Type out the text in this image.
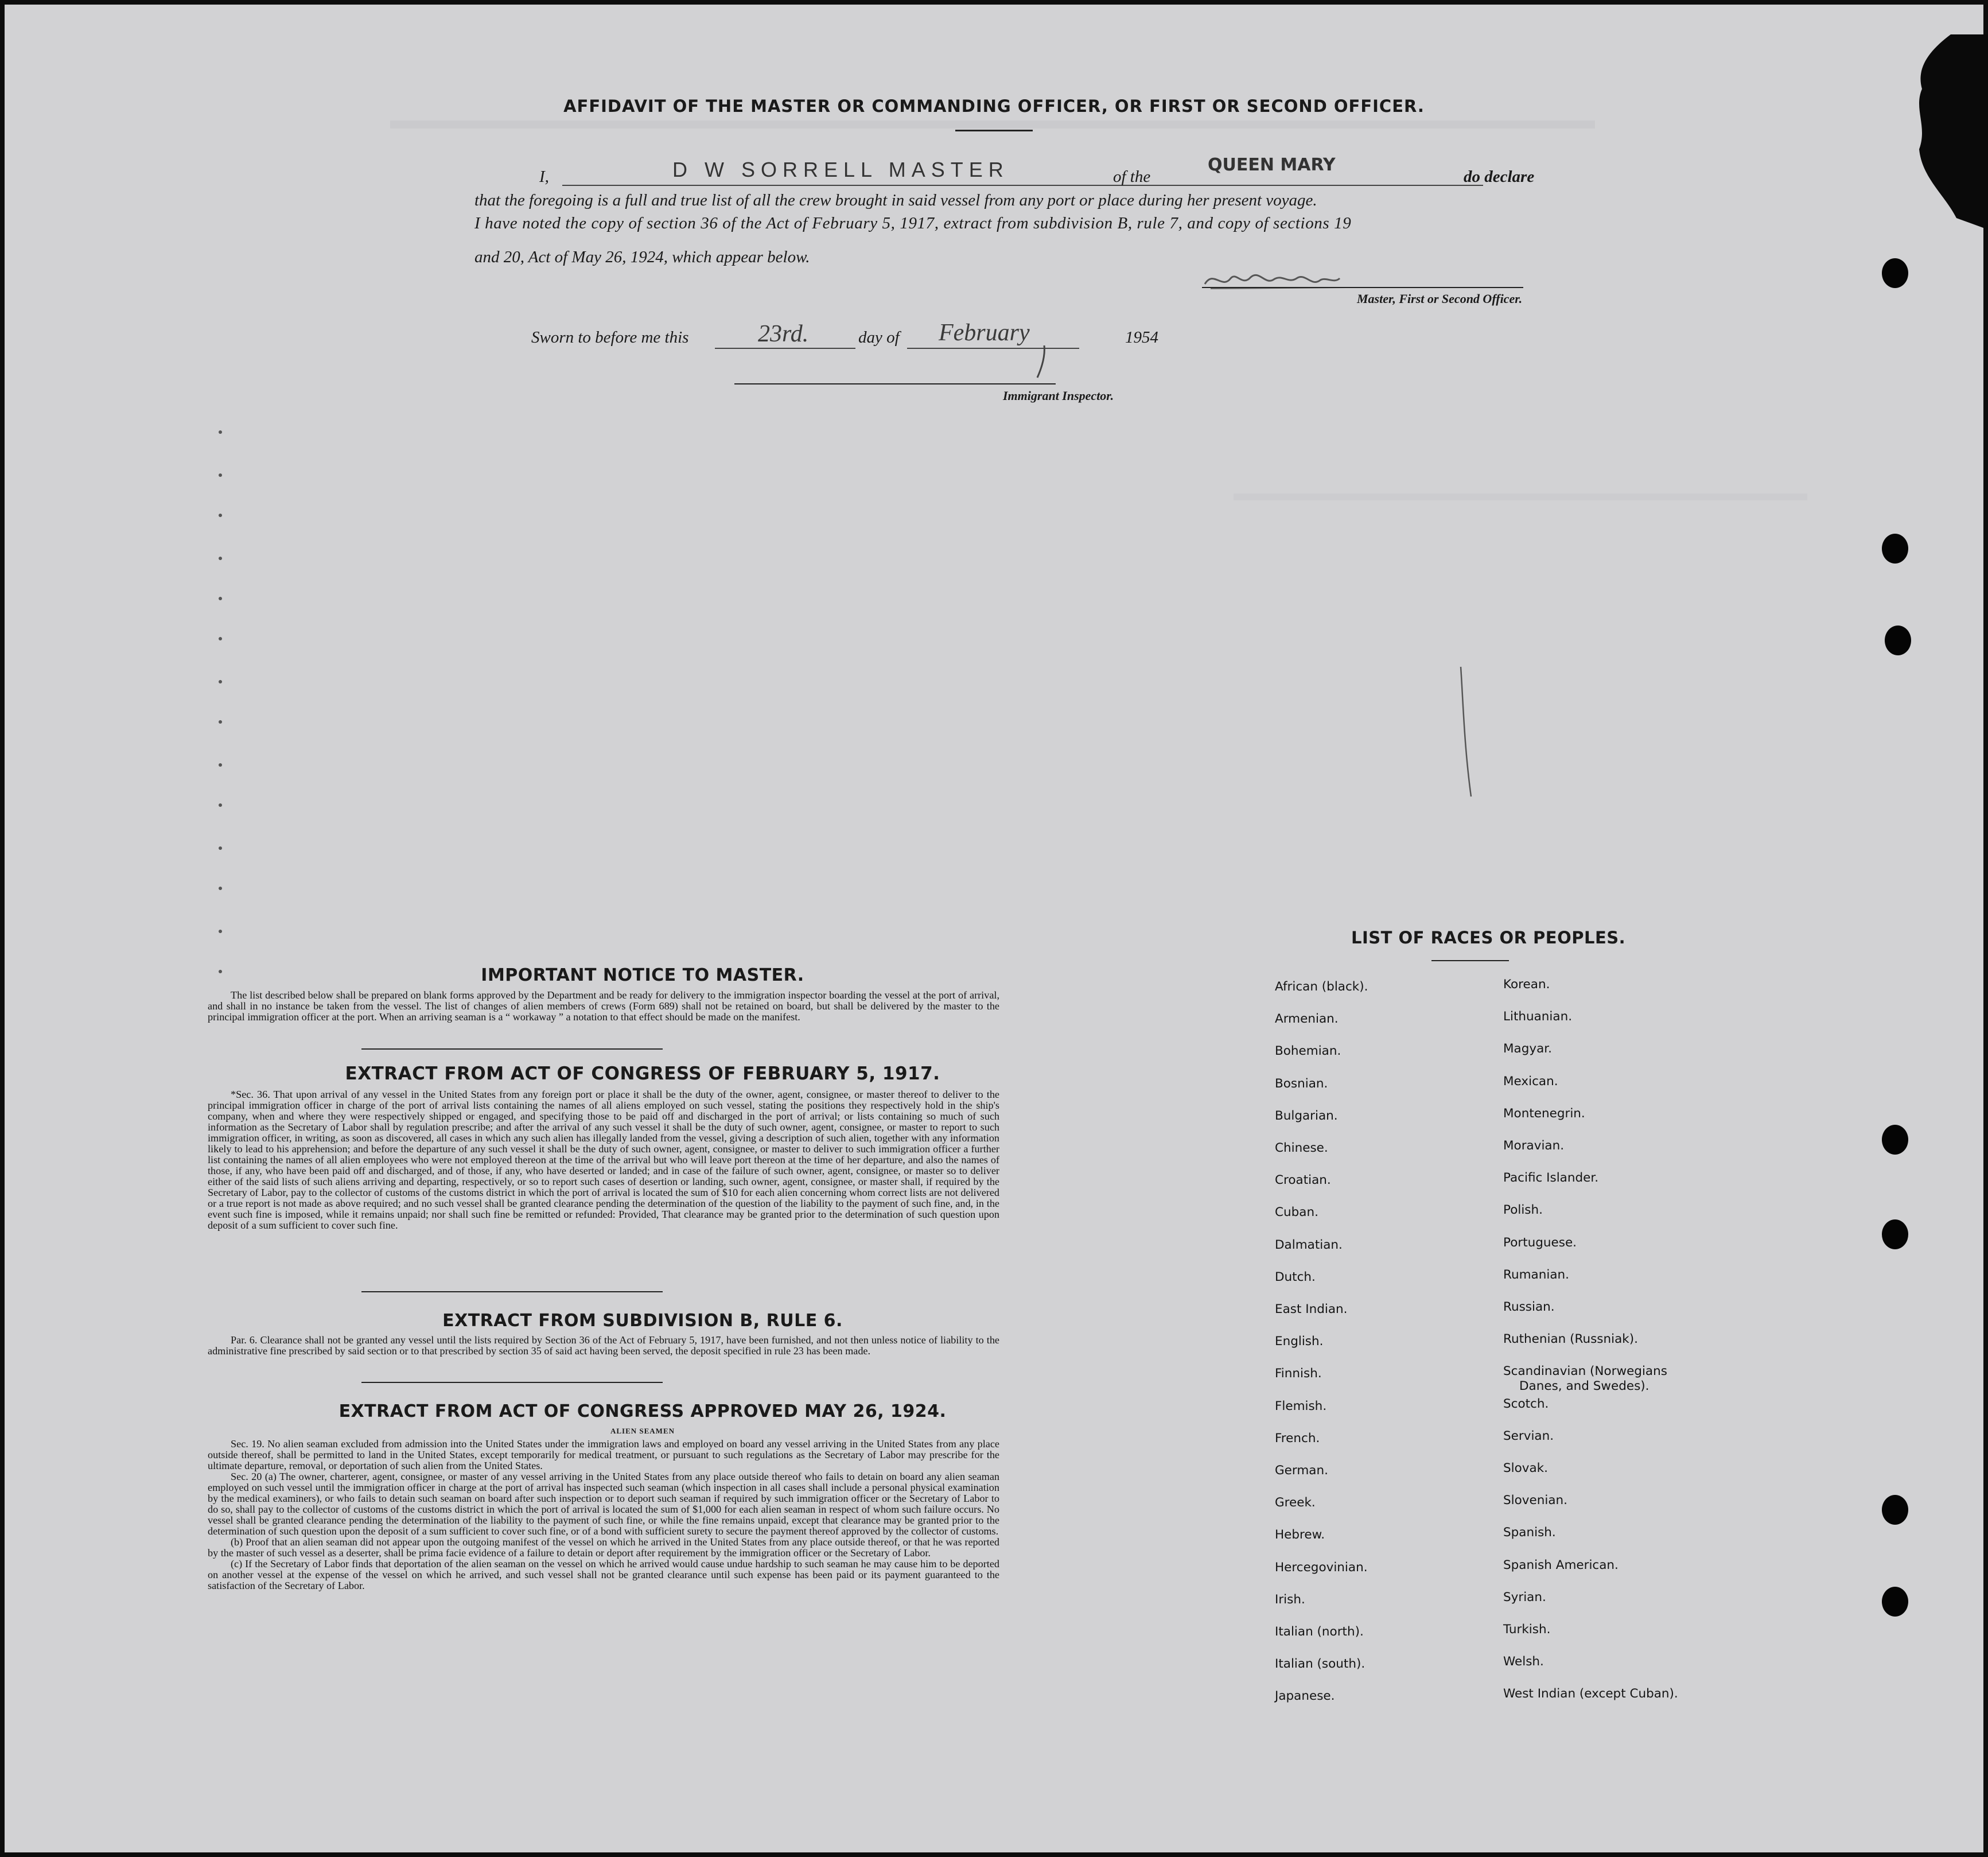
AFFIDAVIT OF THE MASTER OR COMMANDING OFFICER, OR FIRST OR SECOND OFFICER.
I,	D W SORRELL MASTER	of the
QUEEN MARY
do declare
that the foregoing is a full and true list of all the crew brought in said vessel from any port or place during her present voyage.
I have noted the copy of section 36 of the Act of February 5, 1917, extract from subdivision B, rule 7, and copy of sections 19
and 20, Act of May 26, 1924, which appear below.
Master, First or Second Officer.
Sworn to before me this	23rd.	day of February	1954
Immigrant Inspector.
IMPORTANT NOTICE TO MASTER.

The list described below shall be prepared on blank forms approved by the Department and be ready for delivery to the immigration inspector boarding the vessel at the port of arrival, and shall in no instance be taken from the vessel. The list of changes of alien members of crews (Form 689) shall not be retained on board, but shall be delivered by the master to the principal immigration officer at the port. When an arriving seaman is a “ workaway ” a notation to that effect should be made on the manifest.

EXTRACT FROM ACT OF CONGRESS OF FEBRUARY 5, 1917.

*Sec. 36. That upon arrival of any vessel in the United States from any foreign port or place it shall be the duty of the owner, agent, consignee, or master thereof to deliver to the principal immigration officer in charge of the port of arrival lists containing the names of all aliens employed on such vessel, stating the positions they respectively hold in the ship's company, when and where they were respectively shipped or engaged, and specifying those to be paid off and discharged in the port of arrival; or lists containing so much of such information as the Secretary of Labor shall by regulation prescribe; and after the arrival of any such vessel it shall be the duty of such owner, agent, consignee, or master to report to such immigration officer, in writing, as soon as discovered, all cases in which any such alien has illegally landed from the vessel, giving a description of such alien, together with any information likely to lead to his apprehension; and before the departure of any such vessel it shall be the duty of such owner, agent, consignee, or master to deliver to such immigration officer a further list containing the names of all alien employees who were not employed thereon at the time of the arrival but who will leave port thereon at the time of her departure, and also the names of those, if any, who have been paid off and discharged, and of those, if any, who have deserted or landed; and in case of the failure of such owner, agent, consignee, or master so to deliver either of the said lists of such aliens arriving and departing, respectively, or so to report such cases of desertion or landing, such owner, agent, consignee, or master shall, if required by the Secretary of Labor, pay to the collector of customs of the customs district in which the port of arrival is located the sum of $10 for each alien concerning whom correct lists are not delivered or a true report is not made as above required; and no such vessel shall be granted clearance pending the determination of the question of the liability to the payment of such fine, and, in the event such fine is imposed, while it remains unpaid; nor shall such fine be remitted or refunded: Provided, That clearance may be granted prior to the determination of such question upon deposit of a sum sufficient to cover such fine.

EXTRACT FROM SUBDIVISION B, RULE 6.

Par. 6. Clearance shall not be granted any vessel until the lists required by Section 36 of the Act of February 5, 1917, have been furnished, and not then unless notice of liability to the administrative fine prescribed by said section or to that prescribed by section 35 of said act having been served, the deposit specified in rule 23 has been made.

EXTRACT FROM ACT OF CONGRESS APPROVED MAY 26, 1924.
ALIEN SEAMEN

Sec. 19. No alien seaman excluded from admission into the United States under the immigration laws and employed on board any vessel arriving in the United States from any place outside thereof, shall be permitted to land in the United States, except temporarily for medical treatment, or pursuant to such regulations as the Secretary of Labor may prescribe for the ultimate departure, removal, or deportation of such alien from the United States.

Sec. 20 (a) The owner, charterer, agent, consignee, or master of any vessel arriving in the United States from any place outside thereof who fails to detain on board any alien seaman employed on such vessel until the immigration officer in charge at the port of arrival has inspected such seaman (which inspection in all cases shall include a personal physical examination by the medical examiners), or who fails to detain such seaman on board after such inspection or to deport such seaman if required by such immigration officer or the Secretary of Labor to do so, shall pay to the collector of customs of the customs district in which the port of arrival is located the sum of $1,000 for each alien seaman in respect of whom such failure occurs. No vessel shall be granted clearance pending the determination of the liability to the payment of such fine, or while the fine remains unpaid, except that clearance may be granted prior to the determination of such question upon the deposit of a sum sufficient to cover such fine, or of a bond with sufficient surety to secure the payment thereof approved by the collector of customs.

(b) Proof that an alien seaman did not appear upon the outgoing manifest of the vessel on which he arrived in the United States from any place outside thereof, or that he was reported by the master of such vessel as a deserter, shall be prima facie evidence of a failure to detain or deport after requirement by the immigration officer or the Secretary of Labor.

(c) If the Secretary of Labor finds that deportation of the alien seaman on the vessel on which he arrived would cause undue hardship to such seaman he may cause him to be deported on another vessel at the expense of the vessel on which he arrived, and such vessel shall not be granted clearance until such expense has been paid or its payment guaranteed to the satisfaction of the Secretary of Labor.

LIST OF RACES OR PEOPLES.
African (black).
Armenian.
Bohemian.
Bosnian.
Bulgarian.
Chinese.
Croatian.
Cuban.
Dalmatian.
Dutch.
East Indian.
English.
Finnish.
Flemish.
French.
German.
Greek.
Hebrew.
Hercegovinian.
Irish.
Italian (north).
Italian (south).
Japanese.
Korean.
Lithuanian.
Magyar.
Mexican.
Montenegrin.
Moravian.
Pacific Islander.
Polish.
Portuguese.
Rumanian.
Russian.
Ruthenian (Russniak).
Scandinavian (Norwegians
Danes, and Swedes).
Scotch.
Servian.
Slovak.
Slovenian.
Spanish.
Spanish American.
Syrian.
Turkish.
Welsh.
West Indian (except Cuban).
